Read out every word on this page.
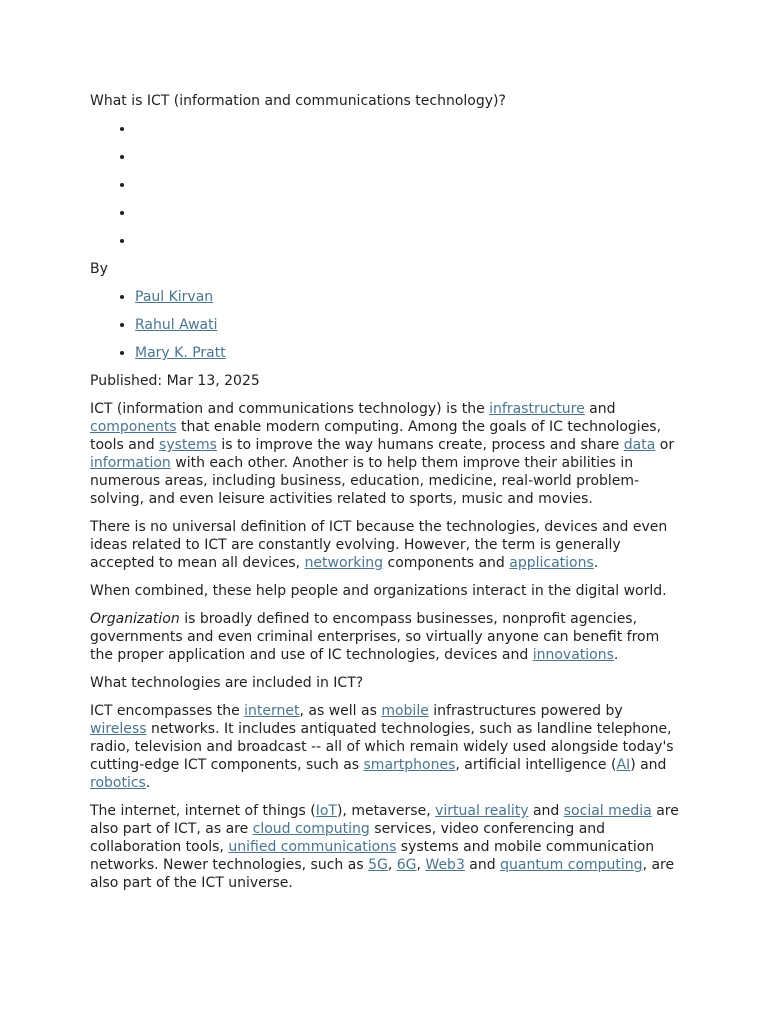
What is ICT (information and communications technology)?

•
•
•
•
•

By

• Paul Kirvan
• Rahul Awati
• Mary K. Pratt

Published: Mar 13, 2025

ICT (information and communications technology) is the infrastructure and components that enable modern computing. Among the goals of IC technologies, tools and systems is to improve the way humans create, process and share data or information with each other. Another is to help them improve their abilities in numerous areas, including business, education, medicine, real-world problem-solving, and even leisure activities related to sports, music and movies.

There is no universal definition of ICT because the technologies, devices and even ideas related to ICT are constantly evolving. However, the term is generally accepted to mean all devices, networking components and applications.

When combined, these help people and organizations interact in the digital world.

Organization is broadly defined to encompass businesses, nonprofit agencies, governments and even criminal enterprises, so virtually anyone can benefit from the proper application and use of IC technologies, devices and innovations.

What technologies are included in ICT?

ICT encompasses the internet, as well as mobile infrastructures powered by wireless networks. It includes antiquated technologies, such as landline telephone, radio, television and broadcast -- all of which remain widely used alongside today's cutting-edge ICT components, such as smartphones, artificial intelligence (AI) and robotics.

The internet, internet of things (IoT), metaverse, virtual reality and social media are also part of ICT, as are cloud computing services, video conferencing and collaboration tools, unified communications systems and mobile communication networks. Newer technologies, such as 5G, 6G, Web3 and quantum computing, are also part of the ICT universe.
